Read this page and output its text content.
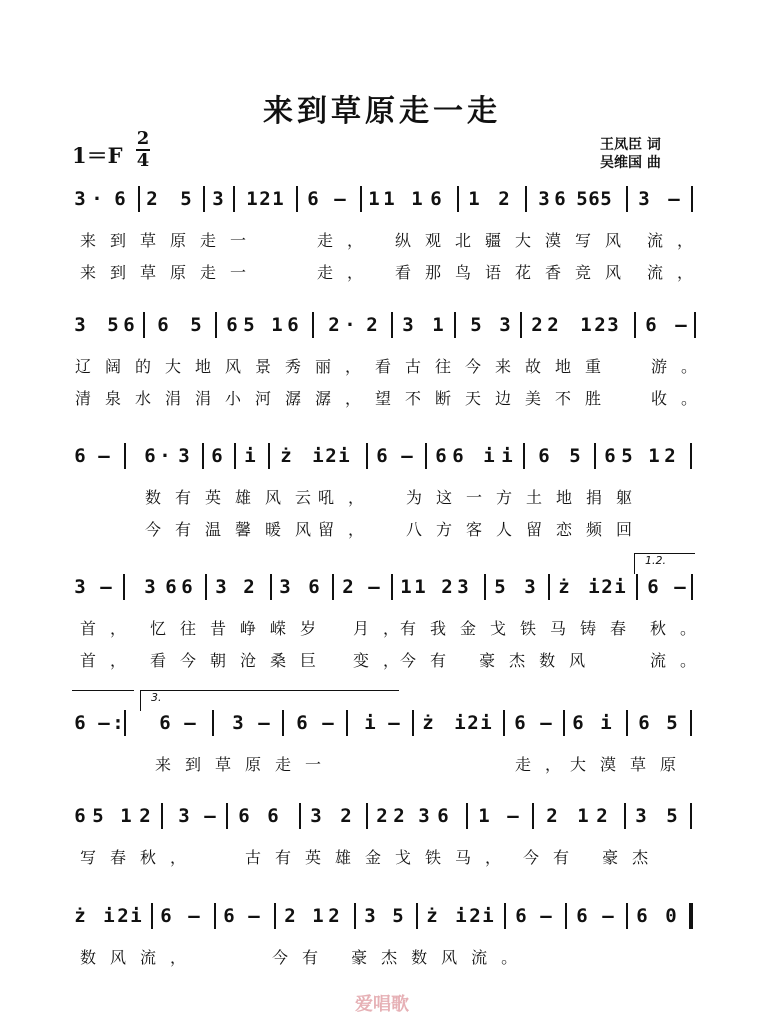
来到草原走一走
1＝F
2
4
王凤臣 词
吴维国 曲
3 · 6 2 5 3 1 2 1 6 – 1 1 1 6 1 2 3 6 5 6 5 3 –
来到草原走一	走， 纵观北疆大漠写风 流，
来到草原走一	走， 看那鸟语花香竞风 流，
3 5 6 6 5 6 5 1 6 2 · 2 3 1 5 3 2 2 1 2 3 6 –
辽阔的大地风景秀 丽，看古往今来故地重 游。
清泉水涓涓小河潺 潺，望不断天边美不胜 收。
6 – 6 · 3 6 i ż i 2 i 6 – 6 6 i i 6 5 6 5 1 2
数有英雄风云
吼， 为这一方土地捐躯
今有温馨暖风
留， 八方客人留恋频回
3 – 3 6 6 3 2 3 6 2 – 1 1 2 3 5 3 ż i 2 i 6 –
首， 忆往昔峥嵘岁 月，
有我金戈铁马铸春 秋。
首， 看今朝沧桑巨 变，
今有 豪杰数风	流。
6 – : 6 – 3 – 6 – i – ż i 2 i 6 – 6 i 6 5
来到草原走一	走，
大漠草原
6 5 1 2 3 – 6 6 3 2 2 2 3 6 1 – 2 1 2 3 5
写春秋，	古有英雄金戈铁马， 今有 豪杰
ż i 2 i 6 – 6 – 2 1 2 3 5 ż i 2 i 6 – 6 – 6 0
数风流，	今有 豪杰数风流。
1.2.
3.
爱唱歌
